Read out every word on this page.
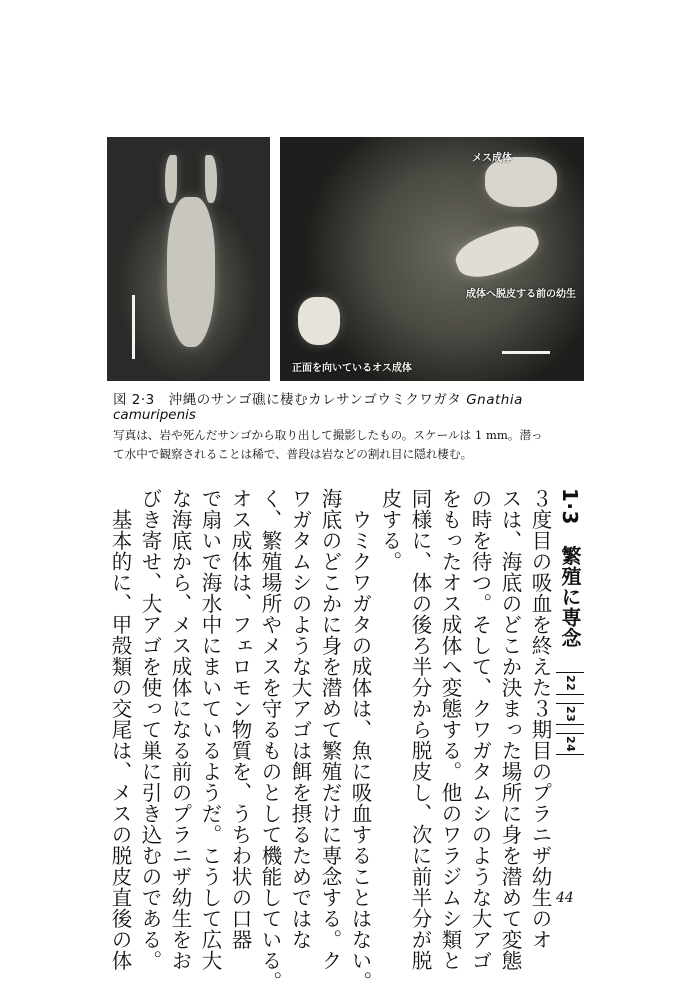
メス成体
成体へ脱皮する前の幼生
正面を向いているオス成体
図 2·3　沖縄のサンゴ礁に棲むカレサンゴウミクワガタ Gnathia
camuripenis
写真は、岩や死んだサンゴから取り出して撮影したもの。スケールは 1 mm。潜っ
て水中で観察されることは稀で、普段は岩などの割れ目に隠れ棲む。
1·3　繁殖に専念　222324
３度目の吸血を終えた３期目のプラニザ幼生のオ
スは、海底のどこか決まった場所に身を潜めて変態
の時を待つ。そして、クワガタムシのような大アゴ
をもったオス成体へ変態する。他のワラジムシ類と
同様に、体の後ろ半分から脱皮し、次に前半分が脱
皮する。
　ウミクワガタの成体は、魚に吸血することはない。
海底のどこかに身を潜めて繁殖だけに専念する。ク
ワガタムシのような大アゴは餌を摂るためではな
く、繁殖場所やメスを守るものとして機能している。
オス成体は、フェロモン物質を、うちわ状の口器
で扇いで海水中にまいているようだ。こうして広大
な海底から、メス成体になる前のプラニザ幼生をお
びき寄せ、大アゴを使って巣に引き込むのである。
　基本的に、甲殻類の交尾は、メスの脱皮直後の体	44
